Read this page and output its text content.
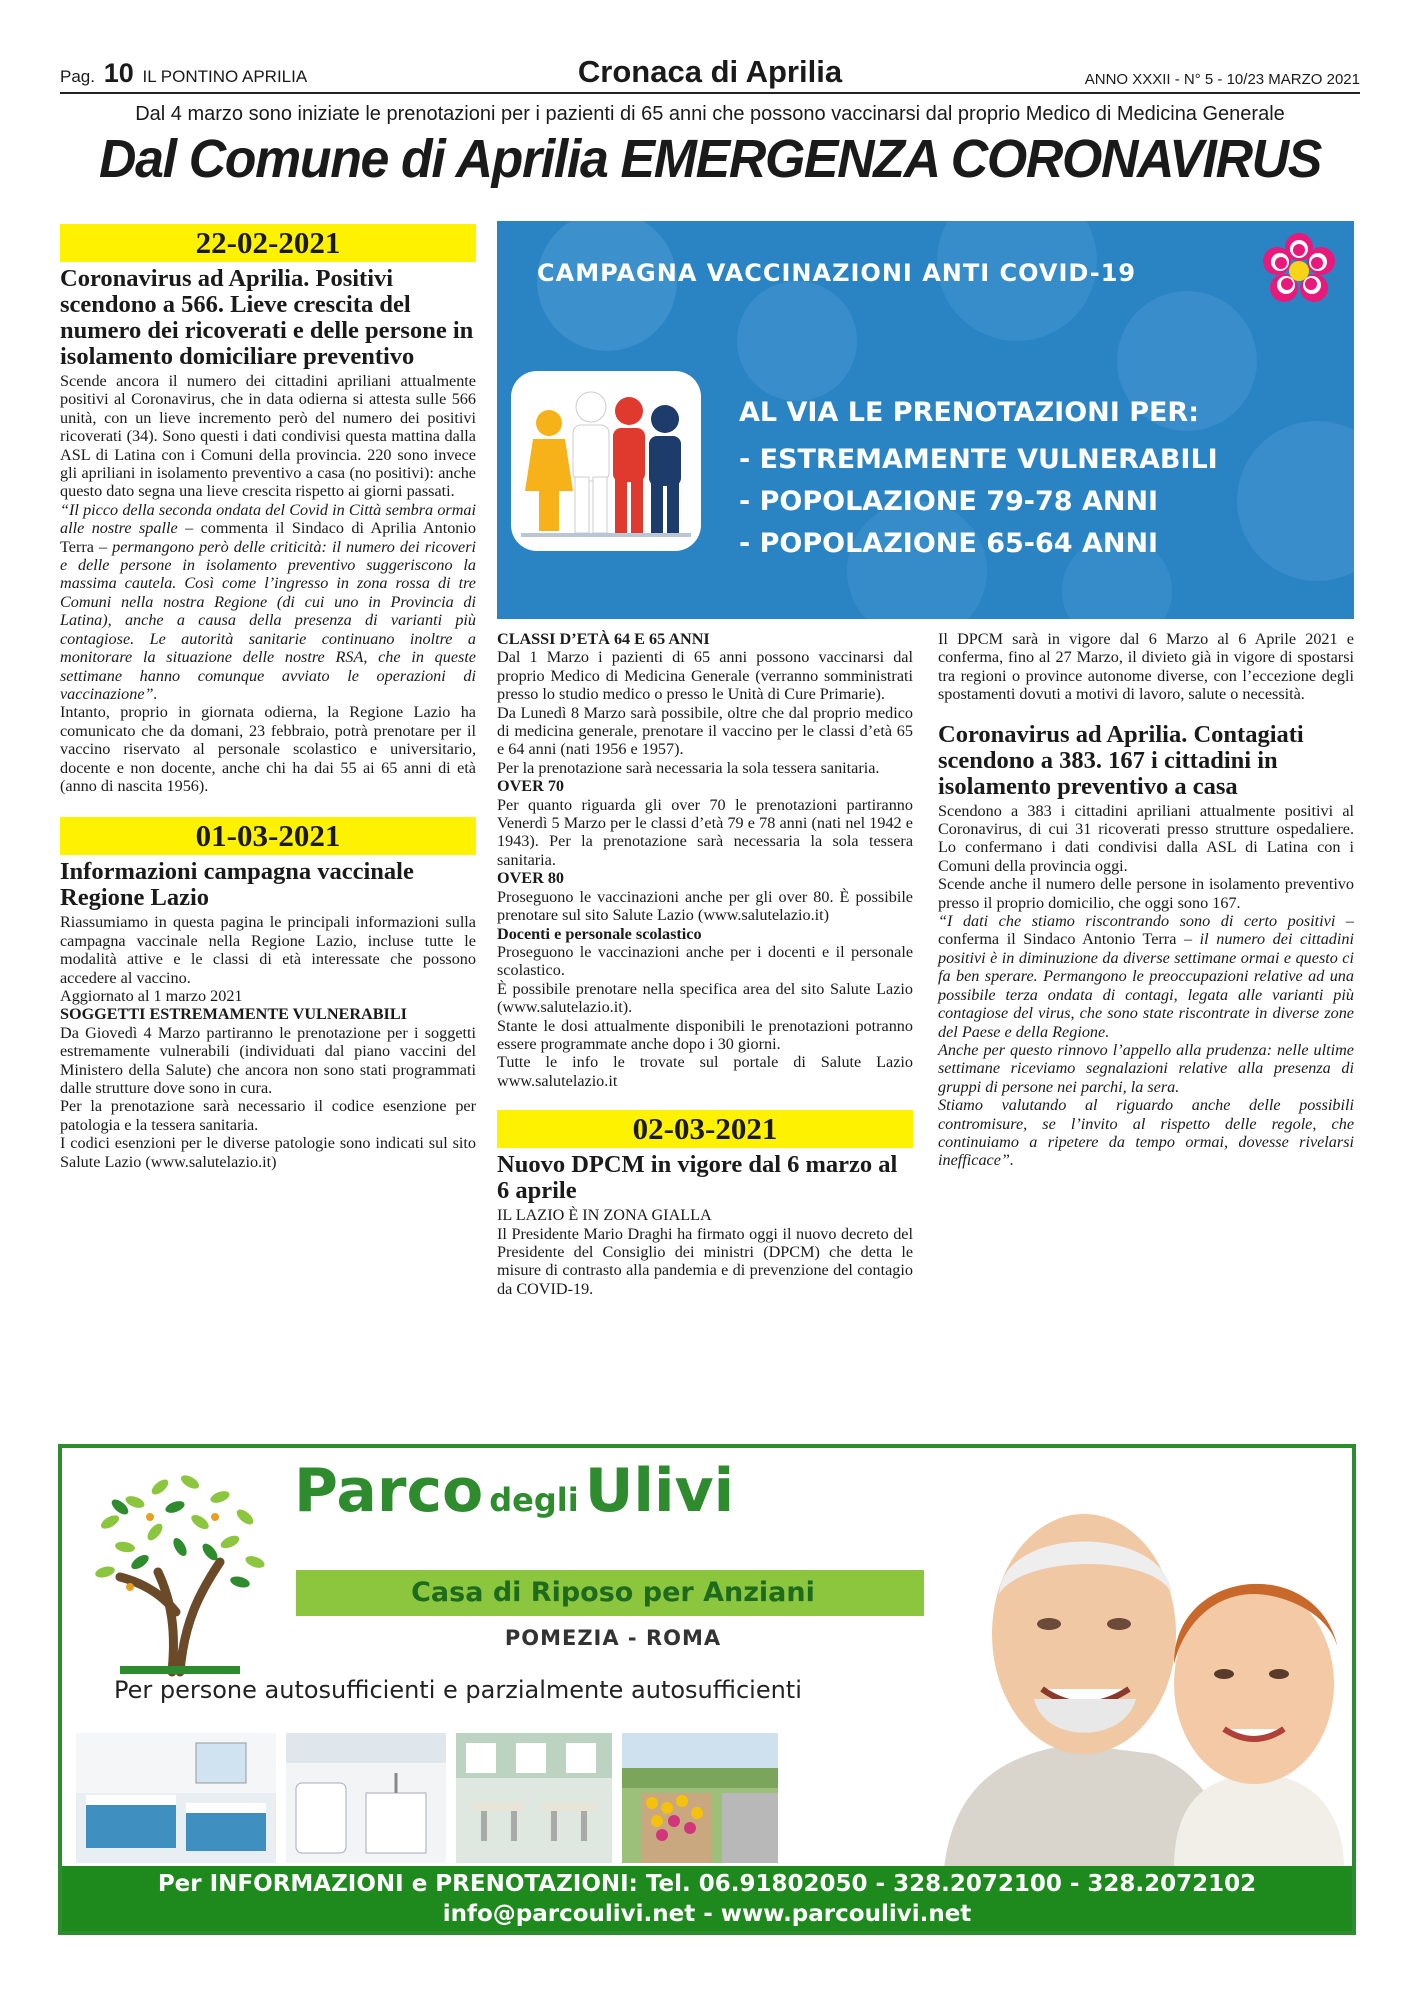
Pag. 10 IL PONTINO APRILIA	Cronaca di Aprilia	ANNO XXXII - N° 5 - 10/23 MARZO 2021
Dal 4 marzo sono iniziate le prenotazioni per i pazienti di 65 anni che possono vaccinarsi dal proprio Medico di Medicina Generale
Dal Comune di Aprilia EMERGENZA CORONAVIRUS
22-02-2021
Coronavirus ad Aprilia. Positivi scendono a 566. Lieve crescita del numero dei ricoverati e delle persone in isolamento domiciliare preventivo

Scende ancora il numero dei cittadini apriliani attualmente positivi al Coronavirus, che in data odierna si attesta sulle 566 unità, con un lieve incremento però del numero dei positivi ricoverati (34). Sono questi i dati condivisi questa mattina dalla ASL di Latina con i Comuni della provincia. 220 sono invece gli apriliani in isolamento preventivo a casa (no positivi): anche questo dato segna una lieve crescita rispetto ai giorni passati.

“Il picco della seconda ondata del Covid in Città sembra ormai alle nostre spalle – commenta il Sindaco di Aprilia Antonio Terra – permangono però delle criticità: il numero dei ricoveri e delle persone in isolamento preventivo suggeriscono la massima cautela. Così come l’ingresso in zona rossa di tre Comuni nella nostra Regione (di cui uno in Provincia di Latina), anche a causa della presenza di varianti più contagiose. Le autorità sanitarie continuano inoltre a monitorare la situazione delle nostre RSA, che in queste settimane hanno comunque avviato le operazioni di vaccinazione”.

Intanto, proprio in giornata odierna, la Regione Lazio ha comunicato che da domani, 23 febbraio, potrà prenotare per il vaccino riservato al personale scolastico e universitario, docente e non docente, anche chi ha dai 55 ai 65 anni di età (anno di nascita 1956).

01-03-2021
Informazioni campagna vaccinale Regione Lazio

Riassumiamo in questa pagina le principali informazioni sulla campagna vaccinale nella Regione Lazio, incluse tutte le modalità attive e le classi di età interessate che possono accedere al vaccino.

Aggiornato al 1 marzo 2021

SOGGETTI ESTREMAMENTE VULNERABILI

Da Giovedì 4 Marzo partiranno le prenotazione per i soggetti estremamente vulnerabili (individuati dal piano vaccini del Ministero della Salute) che ancora non sono stati programmati dalle strutture dove sono in cura.

Per la prenotazione sarà necessario il codice esenzione per patologia e la tessera sanitaria.

I codici esenzioni per le diverse patologie sono indicati sul sito Salute Lazio (www.salutelazio.it)

CAMPAGNA VACCINAZIONI ANTI COVID-19
AL VIA LE PRENOTAZIONI PER:
- ESTREMAMENTE VULNERABILI
- POPOLAZIONE 79-78 ANNI
- POPOLAZIONE 65-64 ANNI

CLASSI D’ETÀ 64 E 65 ANNI

Dal 1 Marzo i pazienti di 65 anni possono vaccinarsi dal proprio Medico di Medicina Generale (verranno somministrati presso lo studio medico o presso le Unità di Cure Primarie).

Da Lunedì 8 Marzo sarà possibile, oltre che dal proprio medico di medicina generale, prenotare il vaccino per le classi d’età 65 e 64 anni (nati 1956 e 1957).

Per la prenotazione sarà necessaria la sola tessera sanitaria.

OVER 70

Per quanto riguarda gli over 70 le prenotazioni partiranno Venerdì 5 Marzo per le classi d’età 79 e 78 anni (nati nel 1942 e 1943). Per la prenotazione sarà necessaria la sola tessera sanitaria.

OVER 80

Proseguono le vaccinazioni anche per gli over 80. È possibile prenotare sul sito Salute Lazio (www.salutelazio.it)

Docenti e personale scolastico

Proseguono le vaccinazioni anche per i docenti e il personale scolastico.

È possibile prenotare nella specifica area del sito Salute Lazio (www.salutelazio.it).

Stante le dosi attualmente disponibili le prenotazioni potranno essere programmate anche dopo i 30 giorni.

Tutte le info le trovate sul portale di Salute Lazio www.salutelazio.it

02-03-2021
Nuovo DPCM in vigore dal 6 marzo al 6 aprile

IL LAZIO È IN ZONA GIALLA

Il Presidente Mario Draghi ha firmato oggi il nuovo decreto del Presidente del Consiglio dei ministri (DPCM) che detta le misure di contrasto alla pandemia e di prevenzione del contagio da COVID-19.

Il DPCM sarà in vigore dal 6 Marzo al 6 Aprile 2021 e conferma, fino al 27 Marzo, il divieto già in vigore di spostarsi tra regioni o province autonome diverse, con l’eccezione degli spostamenti dovuti a motivi di lavoro, salute o necessità.

Coronavirus ad Aprilia. Contagiati scendono a 383. 167 i cittadini in isolamento preventivo a casa

Scendono a 383 i cittadini apriliani attualmente positivi al Coronavirus, di cui 31 ricoverati presso strutture ospedaliere. Lo confermano i dati condivisi dalla ASL di Latina con i Comuni della provincia oggi.

Scende anche il numero delle persone in isolamento preventivo presso il proprio domicilio, che oggi sono 167.

“I dati che stiamo riscontrando sono di certo positivi – conferma il Sindaco Antonio Terra – il numero dei cittadini positivi è in diminuzione da diverse settimane ormai e questo ci fa ben sperare. Permangono le preoccupazioni relative ad una possibile terza ondata di contagi, legata alle varianti più contagiose del virus, che sono state riscontrate in diverse zone del Paese e della Regione.

Anche per questo rinnovo l’appello alla prudenza: nelle ultime settimane riceviamo segnalazioni relative alla presenza di gruppi di persone nei parchi, la sera.

Stiamo valutando al riguardo anche delle possibili contromisure, se l’invito al rispetto delle regole, che continuiamo a ripetere da tempo ormai, dovesse rivelarsi inefficace”.

Parco degli Ulivi
Casa di Riposo per Anziani
POMEZIA - ROMA
Per persone autosufficienti e parzialmente autosufficienti
Per INFORMAZIONI e PRENOTAZIONI: Tel. 06.91802050 - 328.2072100 - 328.2072102
info@parcoulivi.net - www.parcoulivi.net
